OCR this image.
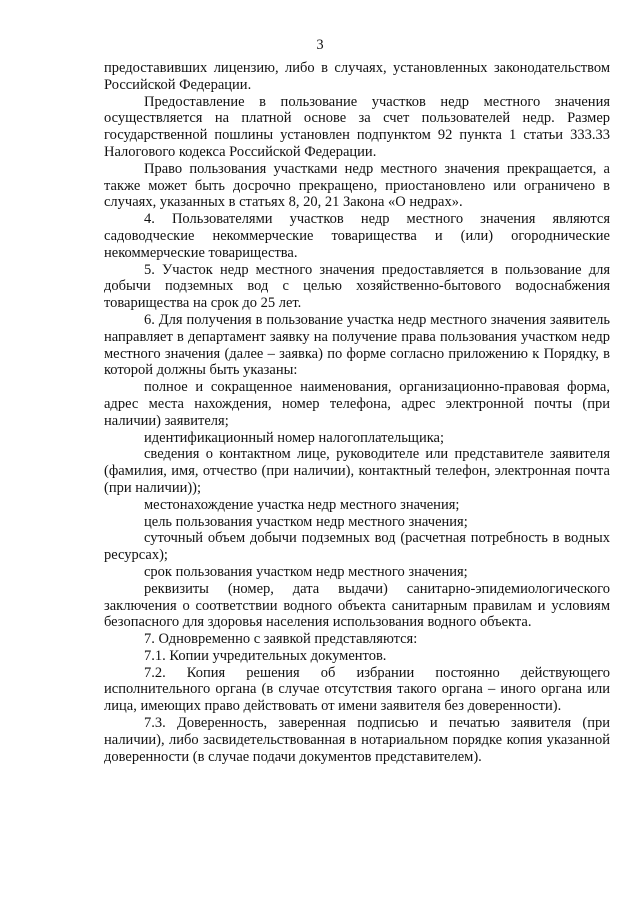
3

предоставивших лицензию, либо в случаях, установленных законодательством Российской Федерации.

Предоставление в пользование участков недр местного значения осуществляется на платной основе за счет пользователей недр. Размер государственной пошлины установлен подпунктом 92 пункта 1 статьи 333.33 Налогового кодекса Российской Федерации.

Право пользования участками недр местного значения прекращается, а также может быть досрочно прекращено, приостановлено или ограничено в случаях, указанных в статьях 8, 20, 21 Закона «О недрах».

4. Пользователями участков недр местного значения являются садоводческие некоммерческие товарищества и (или) огороднические некоммерческие товарищества.

5. Участок недр местного значения предоставляется в пользование для добычи подземных вод с целью хозяйственно-бытового водоснабжения товарищества на срок до 25 лет.

6. Для получения в пользование участка недр местного значения заявитель направляет в департамент заявку на получение права пользования участком недр местного значения (далее – заявка) по форме согласно приложению к Порядку, в которой должны быть указаны:

полное и сокращенное наименования, организационно-правовая форма, адрес места нахождения, номер телефона, адрес электронной почты (при наличии) заявителя;

идентификационный номер налогоплательщика;

сведения о контактном лице, руководителе или представителе заявителя (фамилия, имя, отчество (при наличии), контактный телефон, электронная почта (при наличии));

местонахождение участка недр местного значения;

цель пользования участком недр местного значения;

суточный объем добычи подземных вод (расчетная потребность в водных ресурсах);

срок пользования участком недр местного значения;

реквизиты (номер, дата выдачи) санитарно-эпидемиологического заключения о соответствии водного объекта санитарным правилам и условиям безопасного для здоровья населения использования водного объекта.

7. Одновременно с заявкой представляются:

7.1. Копии учредительных документов.

7.2. Копия решения об избрании постоянно действующего исполнительного органа (в случае отсутствия такого органа – иного органа или лица, имеющих право действовать от имени заявителя без доверенности).

7.3. Доверенность, заверенная подписью и печатью заявителя (при наличии), либо засвидетельствованная в нотариальном порядке копия указанной доверенности (в случае подачи документов представителем).
